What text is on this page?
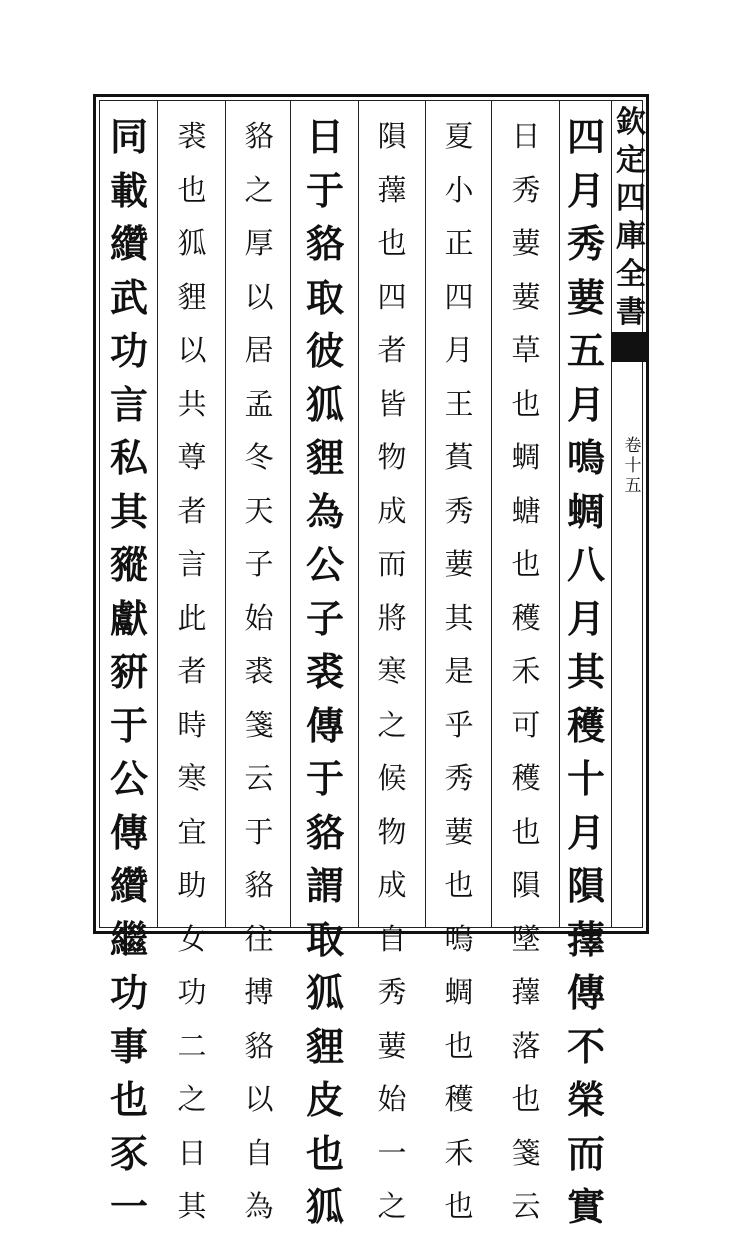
欽
定
四
庫
全
書
卷
十
五
四
月
秀
葽
五
月
鳴
蜩
八
月
其
穫
十
月
隕
蘀
傳
不
榮
而
實
日
秀
葽
葽
草
也
蜩
螗
也
穫
禾
可
穫
也
隕
墜
蘀
落
也
箋
云
夏
小
正
四
月
王
萯
秀
葽
其
是
乎
秀
葽
也
鳴
蜩
也
穫
禾
也
隕
蘀
也
四
者
皆
物
成
而
將
寒
之
候
物
成
自
秀
葽
始
一
之
日
于
貉
取
彼
狐
貍
為
公
子
裘
傳
于
貉
謂
取
狐
貍
皮
也
狐
貉
之
厚
以
居
孟
冬
天
子
始
裘
箋
云
于
貉
往
搏
貉
以
自
為
裘
也
狐
貍
以
共
尊
者
言
此
者
時
寒
宜
助
女
功
二
之
日
其
同
載
纘
武
功
言
私
其
豵
獻
豣
于
公
傳
纘
繼
功
事
也
豕
一
